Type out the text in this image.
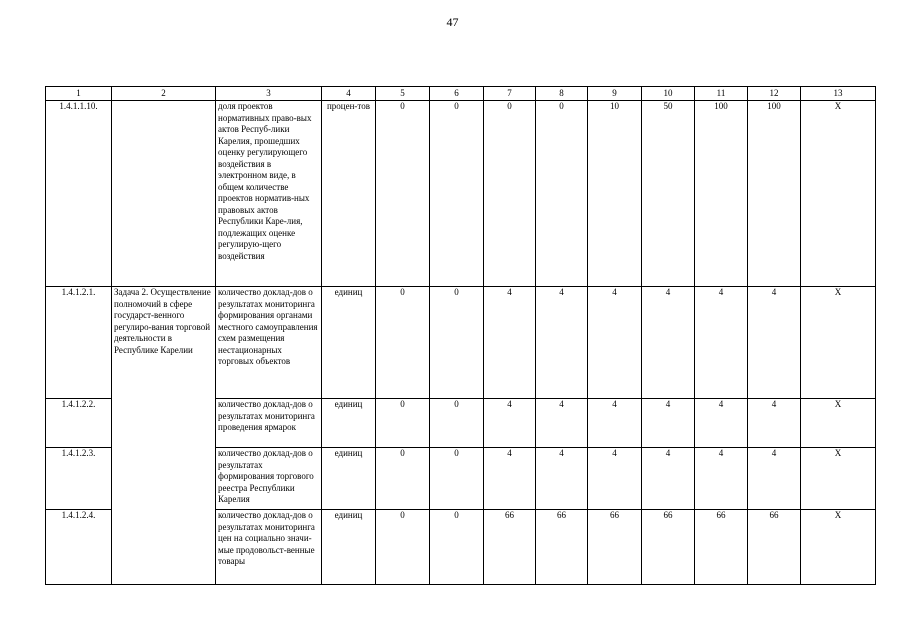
47
1	2	3	4	5	6	7	8	9	10	11	12	13
1.4.1.1.10.		доля проектов нормативных право-вых актов Респуб-лики Карелия, прошедших оценку регулирующего воздействия в электронном виде, в общем количестве проектов норматив-ных правовых актов Республики Каре-лия, подлежащих оценке регулирую-щего воздействия	процен-тов	0	0	0	0	10	50	100	100	Х
1.4.1.2.1.	Задача 2. Осуществление полномочий в сфере государст-венного регулиро-вания торговой деятельности в Республике Карелии	количество доклад-дов о результатах мониторинга формирования органами местного самоуправления схем размещения нестационарных торговых объектов	единиц	0	0	4	4	4	4	4	4	Х
1.4.1.2.2.		количество доклад-дов о результатах мониторинга проведения ярмарок	единиц	0	0	4	4	4	4	4	4	Х
1.4.1.2.3.		количество доклад-дов о результатах формирования торгового реестра Республики Карелия	единиц	0	0	4	4	4	4	4	4	Х
1.4.1.2.4.		количество доклад-дов о результатах мониторинга цен на социально значи-мые продовольст-венные товары	единиц	0	0	66	66	66	66	66	66	Х
